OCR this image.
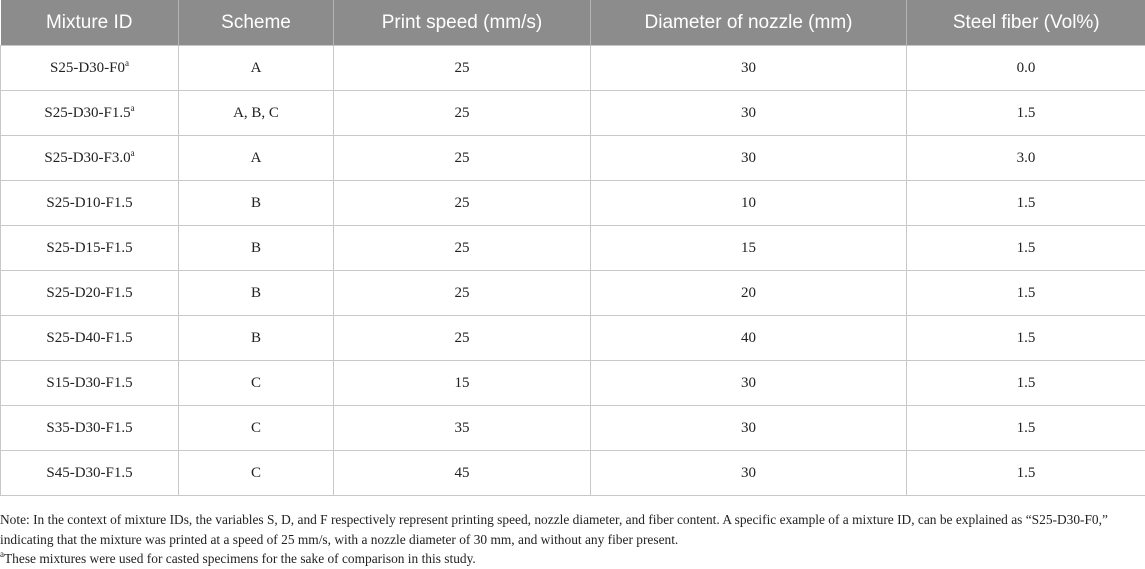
Mixture ID	Scheme	Print speed (mm/s)	Diameter of nozzle (mm)	Steel fiber (Vol%)
S25-D30-F0$^a$	A	25	30	0.0
S25-D30-F1.5$^a$	A, B, C	25	30	1.5
S25-D30-F3.0$^a$	A	25	30	3.0
S25-D10-F1.5	B	25	10	1.5
S25-D15-F1.5	B	25	15	1.5
S25-D20-F1.5	B	25	20	1.5
S25-D40-F1.5	B	25	40	1.5
S15-D30-F1.5	C	15	30	1.5
S35-D30-F1.5	C	35	30	1.5
S45-D30-F1.5	C	45	30	1.5

Note: In the context of mixture IDs, the variables S, D, and F respectively represent printing speed, nozzle diameter, and fiber content. A specific example of a mixture ID, can be explained as “S25-D30-F0,” indicating that the mixture was printed at a speed of 25 mm/s, with a nozzle diameter of 30 mm, and without any fiber present.

$^a$These mixtures were used for casted specimens for the sake of comparison in this study.
